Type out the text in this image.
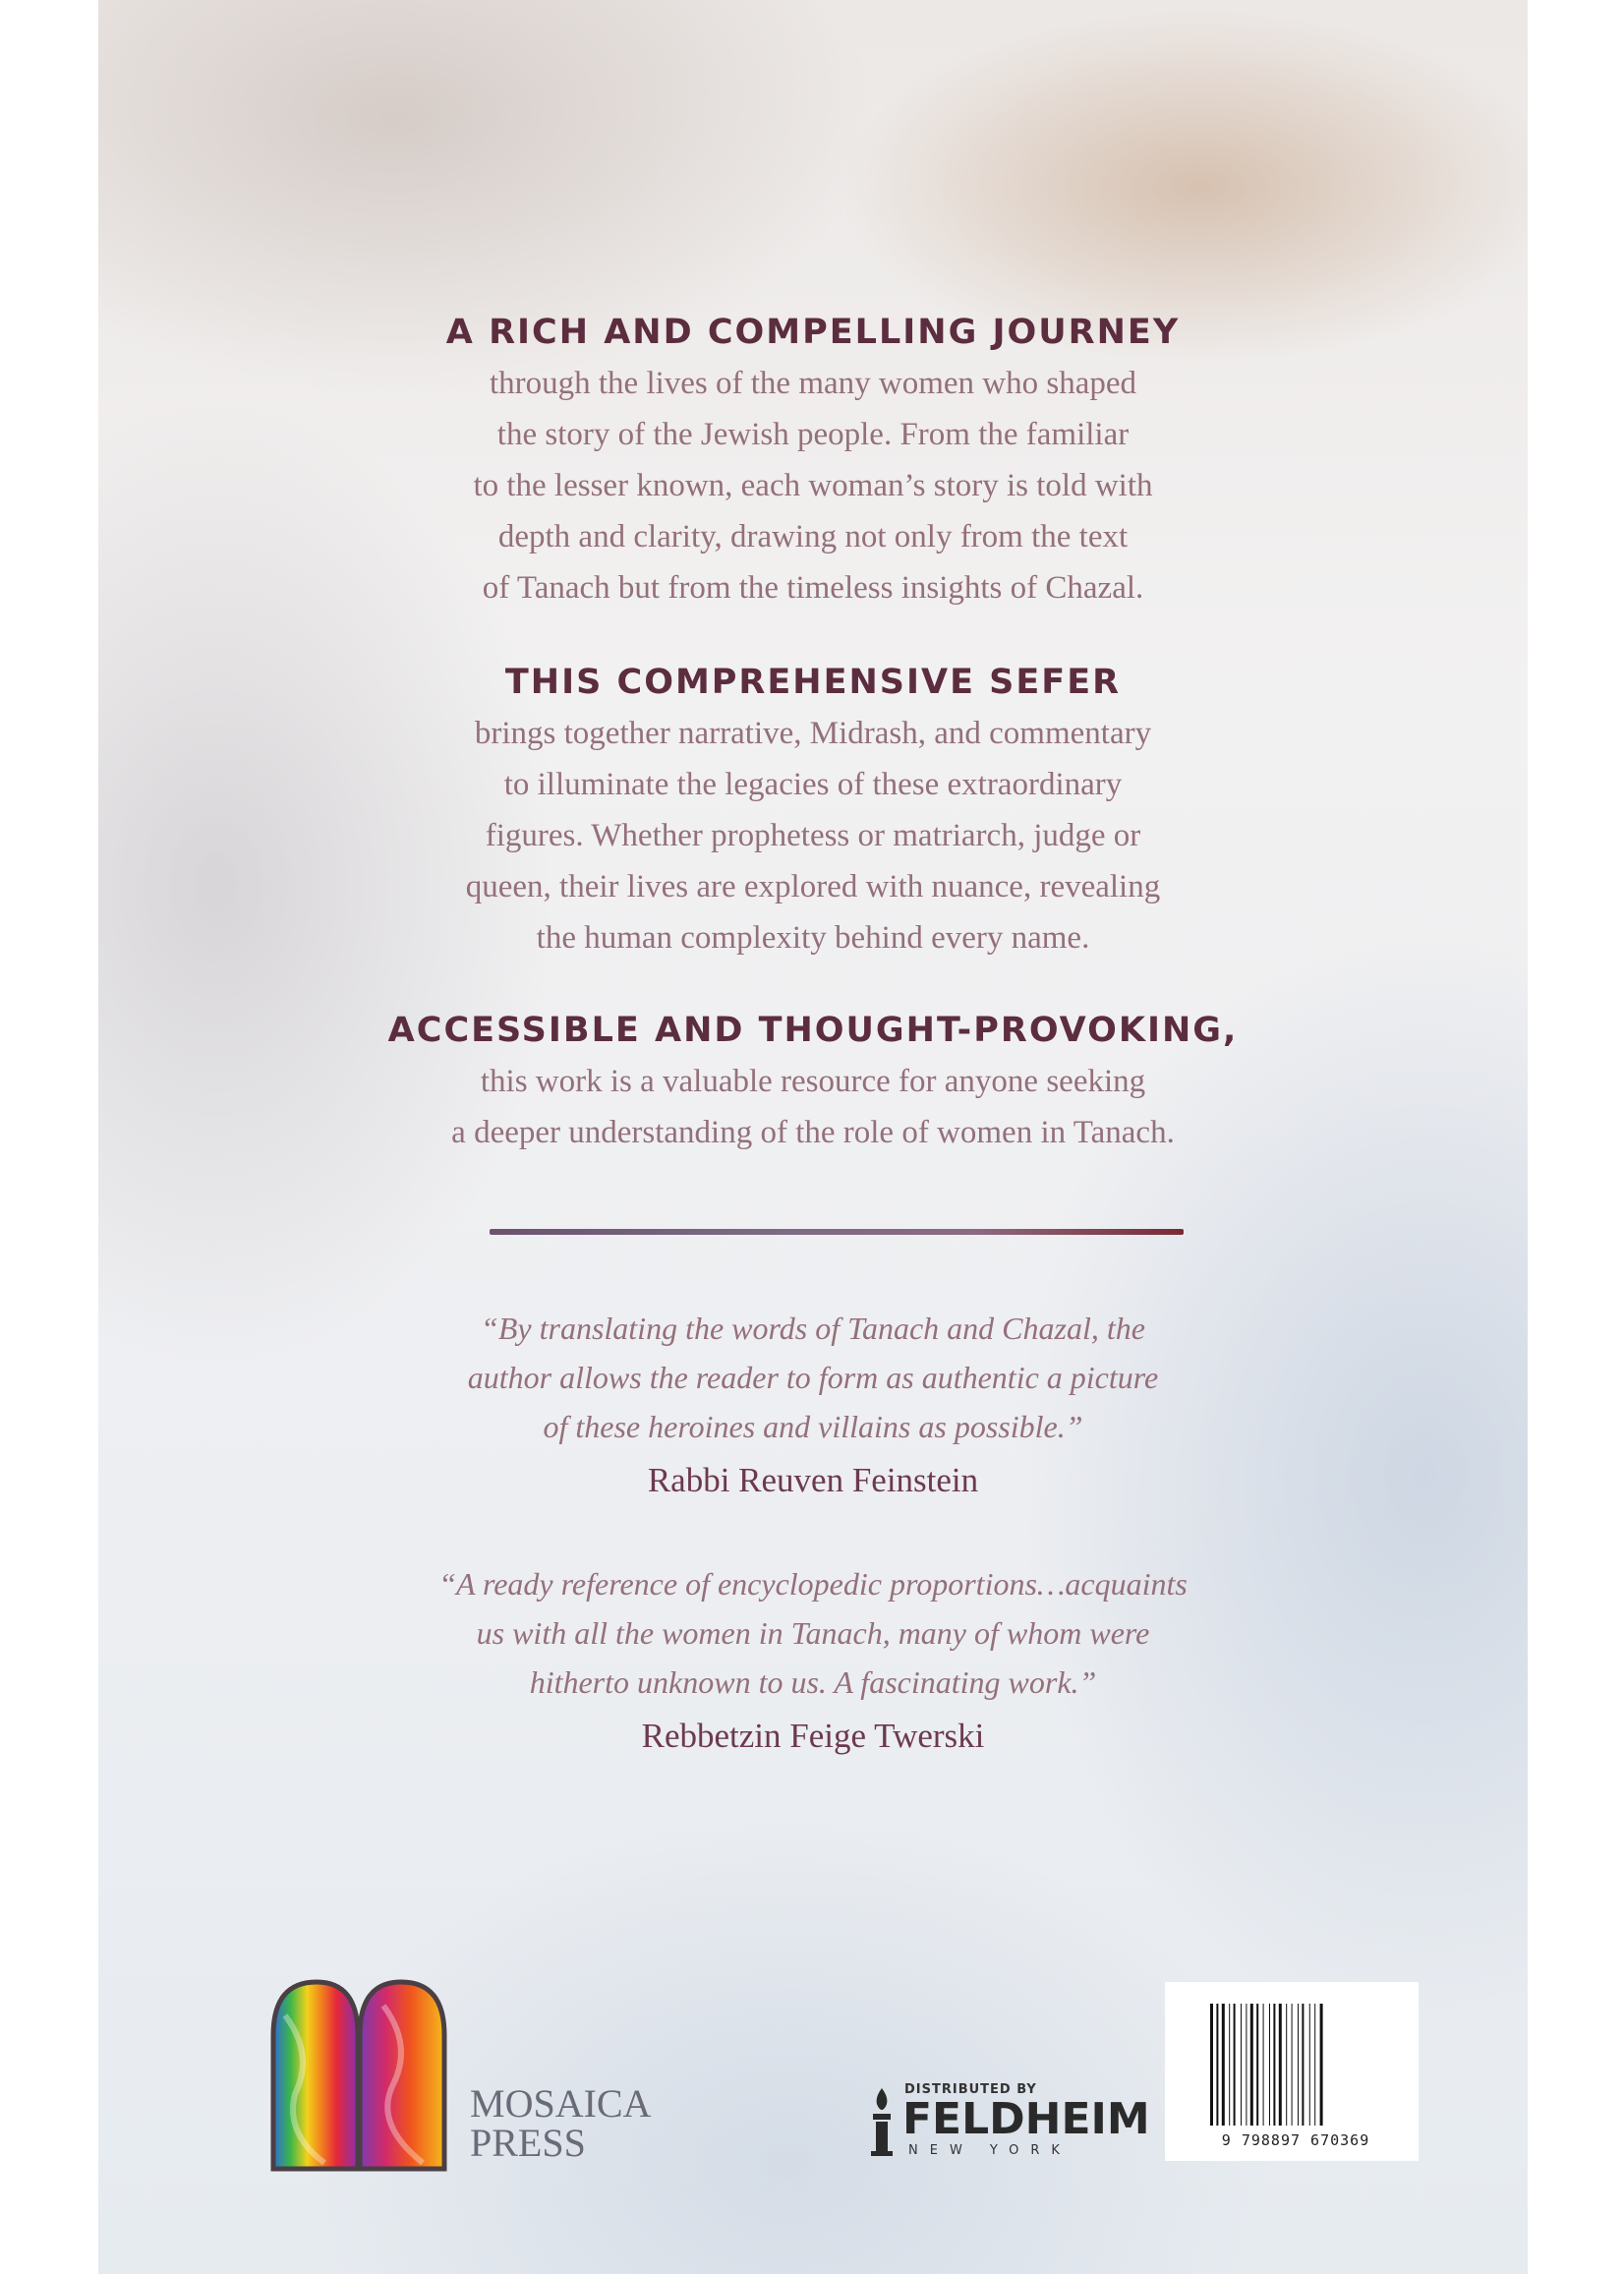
A RICH AND COMPELLING JOURNEY

through the lives of the many women who shaped

the story of the Jewish people. From the familiar

to the lesser known, each woman’s story is told with

depth and clarity, drawing not only from the text

of Tanach but from the timeless insights of Chazal.

THIS COMPREHENSIVE SEFER

brings together narrative, Midrash, and commentary

to illuminate the legacies of these extraordinary

figures. Whether prophetess or matriarch, judge or

queen, their lives are explored with nuance, revealing

the human complexity behind every name.

ACCESSIBLE AND THOUGHT-PROVOKING,

this work is a valuable resource for anyone seeking

a deeper understanding of the role of women in Tanach.

“By translating the words of Tanach and Chazal, the

author allows the reader to form as authentic a picture

of these heroines and villains as possible.”

Rabbi Reuven Feinstein

“A ready reference of encyclopedic proportions…acquaints

us with all the women in Tanach, many of whom were

hitherto unknown to us. A fascinating work.”

Rebbetzin Feige Twerski

MOSAICA
PRESS
DISTRIBUTED BY
FELDHEIM
NEW YORK
9 798897 670369
